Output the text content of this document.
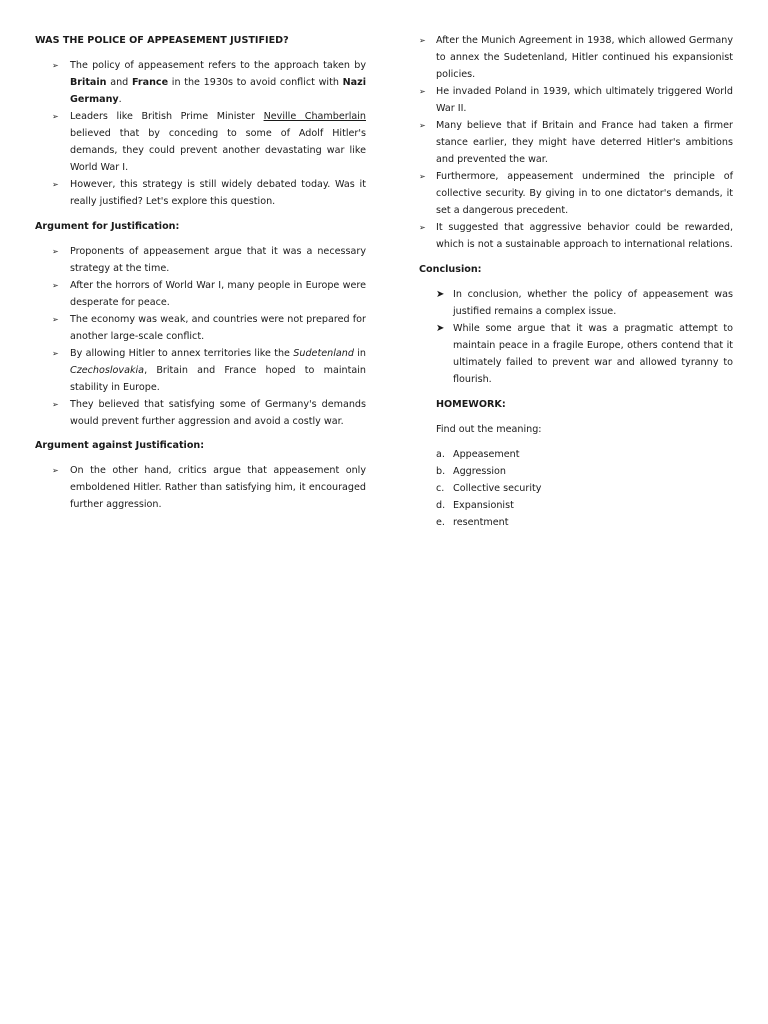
WAS THE POLICE OF APPEASEMENT JUSTIFIED?

➢ The policy of appeasement refers to the approach taken by Britain and France in the 1930s to avoid conflict with Nazi Germany.
➢ Leaders like British Prime Minister Neville Chamberlain believed that by conceding to some of Adolf Hitler's demands, they could prevent another devastating war like World War I.
➢ However, this strategy is still widely debated today. Was it really justified? Let's explore this question.

Argument for Justification:

➢ Proponents of appeasement argue that it was a necessary strategy at the time.
➢ After the horrors of World War I, many people in Europe were desperate for peace.
➢ The economy was weak, and countries were not prepared for another large-scale conflict.
➢ By allowing Hitler to annex territories like the Sudetenland in Czechoslovakia, Britain and France hoped to maintain stability in Europe.
➢ They believed that satisfying some of Germany's demands would prevent further aggression and avoid a costly war.

Argument against Justification:

➢ On the other hand, critics argue that appeasement only emboldened Hitler. Rather than satisfying him, it encouraged further aggression.
➢ After the Munich Agreement in 1938, which allowed Germany to annex the Sudetenland, Hitler continued his expansionist policies.
➢ He invaded Poland in 1939, which ultimately triggered World War II.
➢ Many believe that if Britain and France had taken a firmer stance earlier, they might have deterred Hitler's ambitions and prevented the war.
➢ Furthermore, appeasement undermined the principle of collective security. By giving in to one dictator's demands, it set a dangerous precedent.
➢ It suggested that aggressive behavior could be rewarded, which is not a sustainable approach to international relations.

Conclusion:

➤ In conclusion, whether the policy of appeasement was justified remains a complex issue.
➤ While some argue that it was a pragmatic attempt to maintain peace in a fragile Europe, others contend that it ultimately failed to prevent war and allowed tyranny to flourish.

HOMEWORK:

Find out the meaning:

a. Appeasement
b. Aggression
c. Collective security
d. Expansionist
e. resentment
